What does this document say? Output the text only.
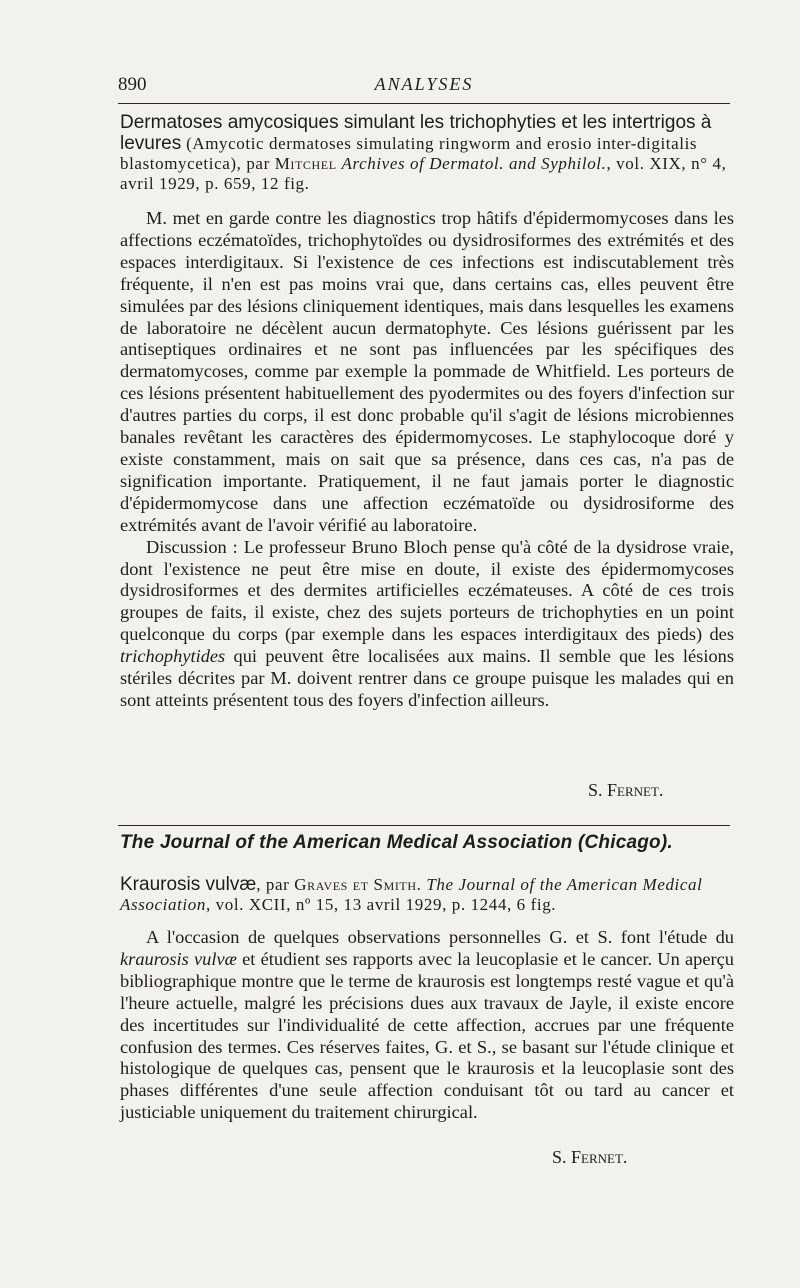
890	ANALYSES
Dermatoses amycosiques simulant les trichophyties et les intertrigos à levures (Amycotic dermatoses simulating ringworm and erosio inter-digitalis blastomycetica), par Mitchel Archives of Dermatol. and Syphilol., vol. XIX, n° 4, avril 1929, p. 659, 12 fig.

M. met en garde contre les diagnostics trop hâtifs d'épidermomycoses dans les affections eczématoïdes, trichophytoïdes ou dysidrosiformes des extrémités et des espaces interdigitaux. Si l'existence de ces infections est indiscutablement très fréquente, il n'en est pas moins vrai que, dans certains cas, elles peuvent être simulées par des lésions cliniquement identiques, mais dans lesquelles les examens de laboratoire ne décèlent aucun dermatophyte. Ces lésions guérissent par les antiseptiques ordinaires et ne sont pas influencées par les spécifiques des dermatomycoses, comme par exemple la pommade de Whitfield. Les porteurs de ces lésions présentent habituellement des pyodermites ou des foyers d'infection sur d'autres parties du corps, il est donc probable qu'il s'agit de lésions microbiennes banales revêtant les caractères des épidermomycoses. Le staphylocoque doré y existe constamment, mais on sait que sa présence, dans ces cas, n'a pas de signification importante. Pratiquement, il ne faut jamais porter le diagnostic d'épidermomycose dans une affection eczématoïde ou dysidrosiforme des extrémités avant de l'avoir vérifié au laboratoire.

Discussion : Le professeur Bruno Bloch pense qu'à côté de la dysidrose vraie, dont l'existence ne peut être mise en doute, il existe des épidermomycoses dysidrosiformes et des dermites artificielles eczémateuses. A côté de ces trois groupes de faits, il existe, chez des sujets porteurs de trichophyties en un point quelconque du corps (par exemple dans les espaces interdigitaux des pieds) des trichophytides qui peuvent être localisées aux mains. Il semble que les lésions stériles décrites par M. doivent rentrer dans ce groupe puisque les malades qui en sont atteints présentent tous des foyers d'infection ailleurs.

S. Fernet.
The Journal of the American Medical Association (Chicago).
Kraurosis vulvæ, par Graves et Smith. The Journal of the American Medical Association, vol. XCII, nº 15, 13 avril 1929, p. 1244, 6 fig.

A l'occasion de quelques observations personnelles G. et S. font l'étude du kraurosis vulvæ et étudient ses rapports avec la leucoplasie et le cancer. Un aperçu bibliographique montre que le terme de kraurosis est longtemps resté vague et qu'à l'heure actuelle, malgré les précisions dues aux travaux de Jayle, il existe encore des incertitudes sur l'individualité de cette affection, accrues par une fréquente confusion des termes. Ces réserves faites, G. et S., se basant sur l'étude clinique et histologique de quelques cas, pensent que le kraurosis et la leucoplasie sont des phases différentes d'une seule affection conduisant tôt ou tard au cancer et justiciable uniquement du traitement chirurgical.

S. Fernet.
